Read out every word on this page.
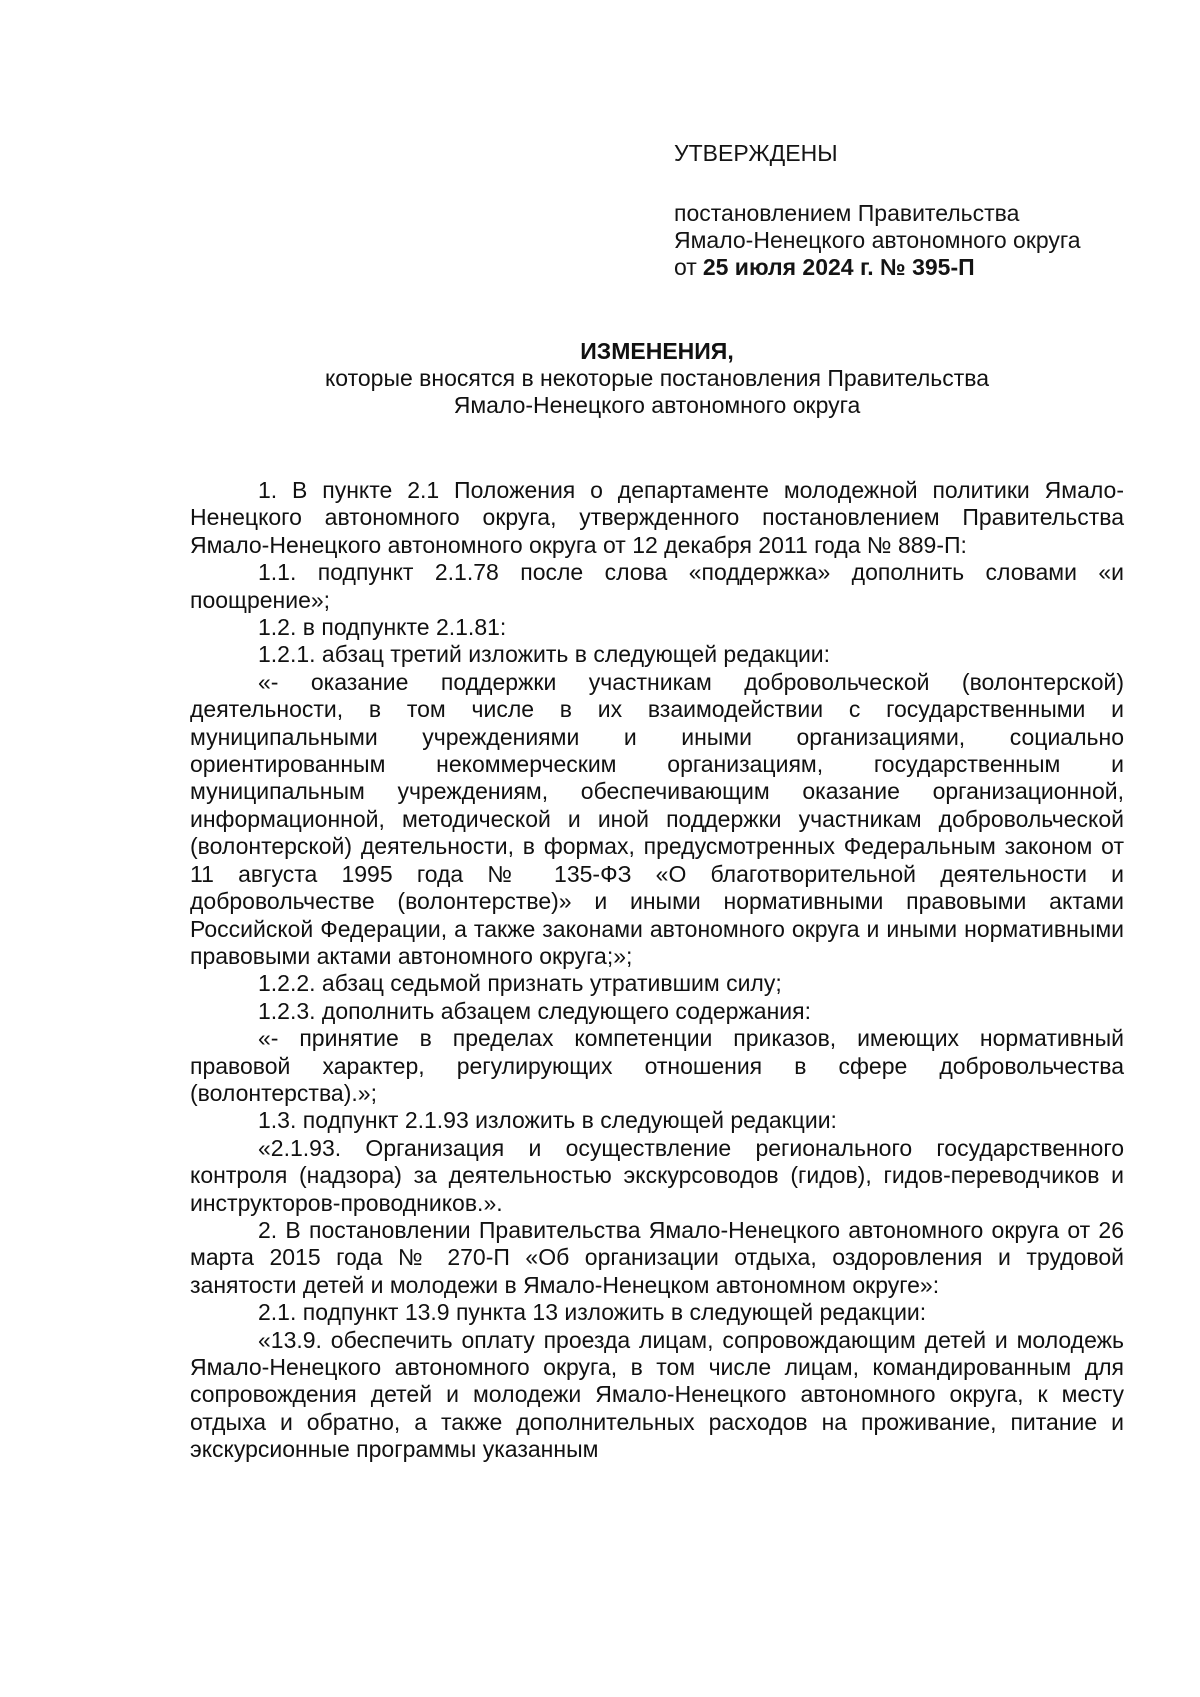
УТВЕРЖДЕНЫ

постановлением Правительства

Ямало-Ненецкого автономного округа

от 25 июля 2024 г. № 395-П

ИЗМЕНЕНИЯ,

которые вносятся в некоторые постановления Правительства

Ямало-Ненецкого автономного округа

1. В пункте 2.1 Положения о департаменте молодежной политики Ямало-Ненецкого автономного округа, утвержденного постановлением Правительства Ямало-Ненецкого автономного округа от 12 декабря 2011 года № 889-П:

1.1. подпункт 2.1.78 после слова «поддержка» дополнить словами «и поощрение»;

1.2. в подпункте 2.1.81:

1.2.1. абзац третий изложить в следующей редакции:

«- оказание поддержки участникам добровольческой (волонтерской) деятельности, в том числе в их взаимодействии с государственными и муниципальными учреждениями и иными организациями, социально ориентированным некоммерческим организациям, государственным и муниципальным учреждениям, обеспечивающим оказание организационной, информационной, методической и иной поддержки участникам добровольческой (волонтерской) деятельности, в формах, предусмотренных Федеральным законом от 11 августа 1995 года № 135-ФЗ «О благотворительной деятельности и добровольчестве (волонтерстве)» и иными нормативными правовыми актами Российской Федерации, а также законами автономного округа и иными нормативными правовыми актами автономного округа;»;

1.2.2. абзац седьмой признать утратившим силу;

1.2.3. дополнить абзацем следующего содержания:

«- принятие в пределах компетенции приказов, имеющих нормативный правовой характер, регулирующих отношения в сфере добровольчества (волонтерства).»;

1.3. подпункт 2.1.93 изложить в следующей редакции:

«2.1.93. Организация и осуществление регионального государственного контроля (надзора) за деятельностью экскурсоводов (гидов), гидов-переводчиков и инструкторов-проводников.».

2. В постановлении Правительства Ямало-Ненецкого автономного округа от 26 марта 2015 года № 270-П «Об организации отдыха, оздоровления и трудовой занятости детей и молодежи в Ямало-Ненецком автономном округе»:

2.1. подпункт 13.9 пункта 13 изложить в следующей редакции:

«13.9. обеспечить оплату проезда лицам, сопровождающим детей и молодежь Ямало-Ненецкого автономного округа, в том числе лицам, командированным для сопровождения детей и молодежи Ямало-Ненецкого автономного округа, к месту отдыха и обратно, а также дополнительных расходов на проживание, питание и экскурсионные программы указанным
